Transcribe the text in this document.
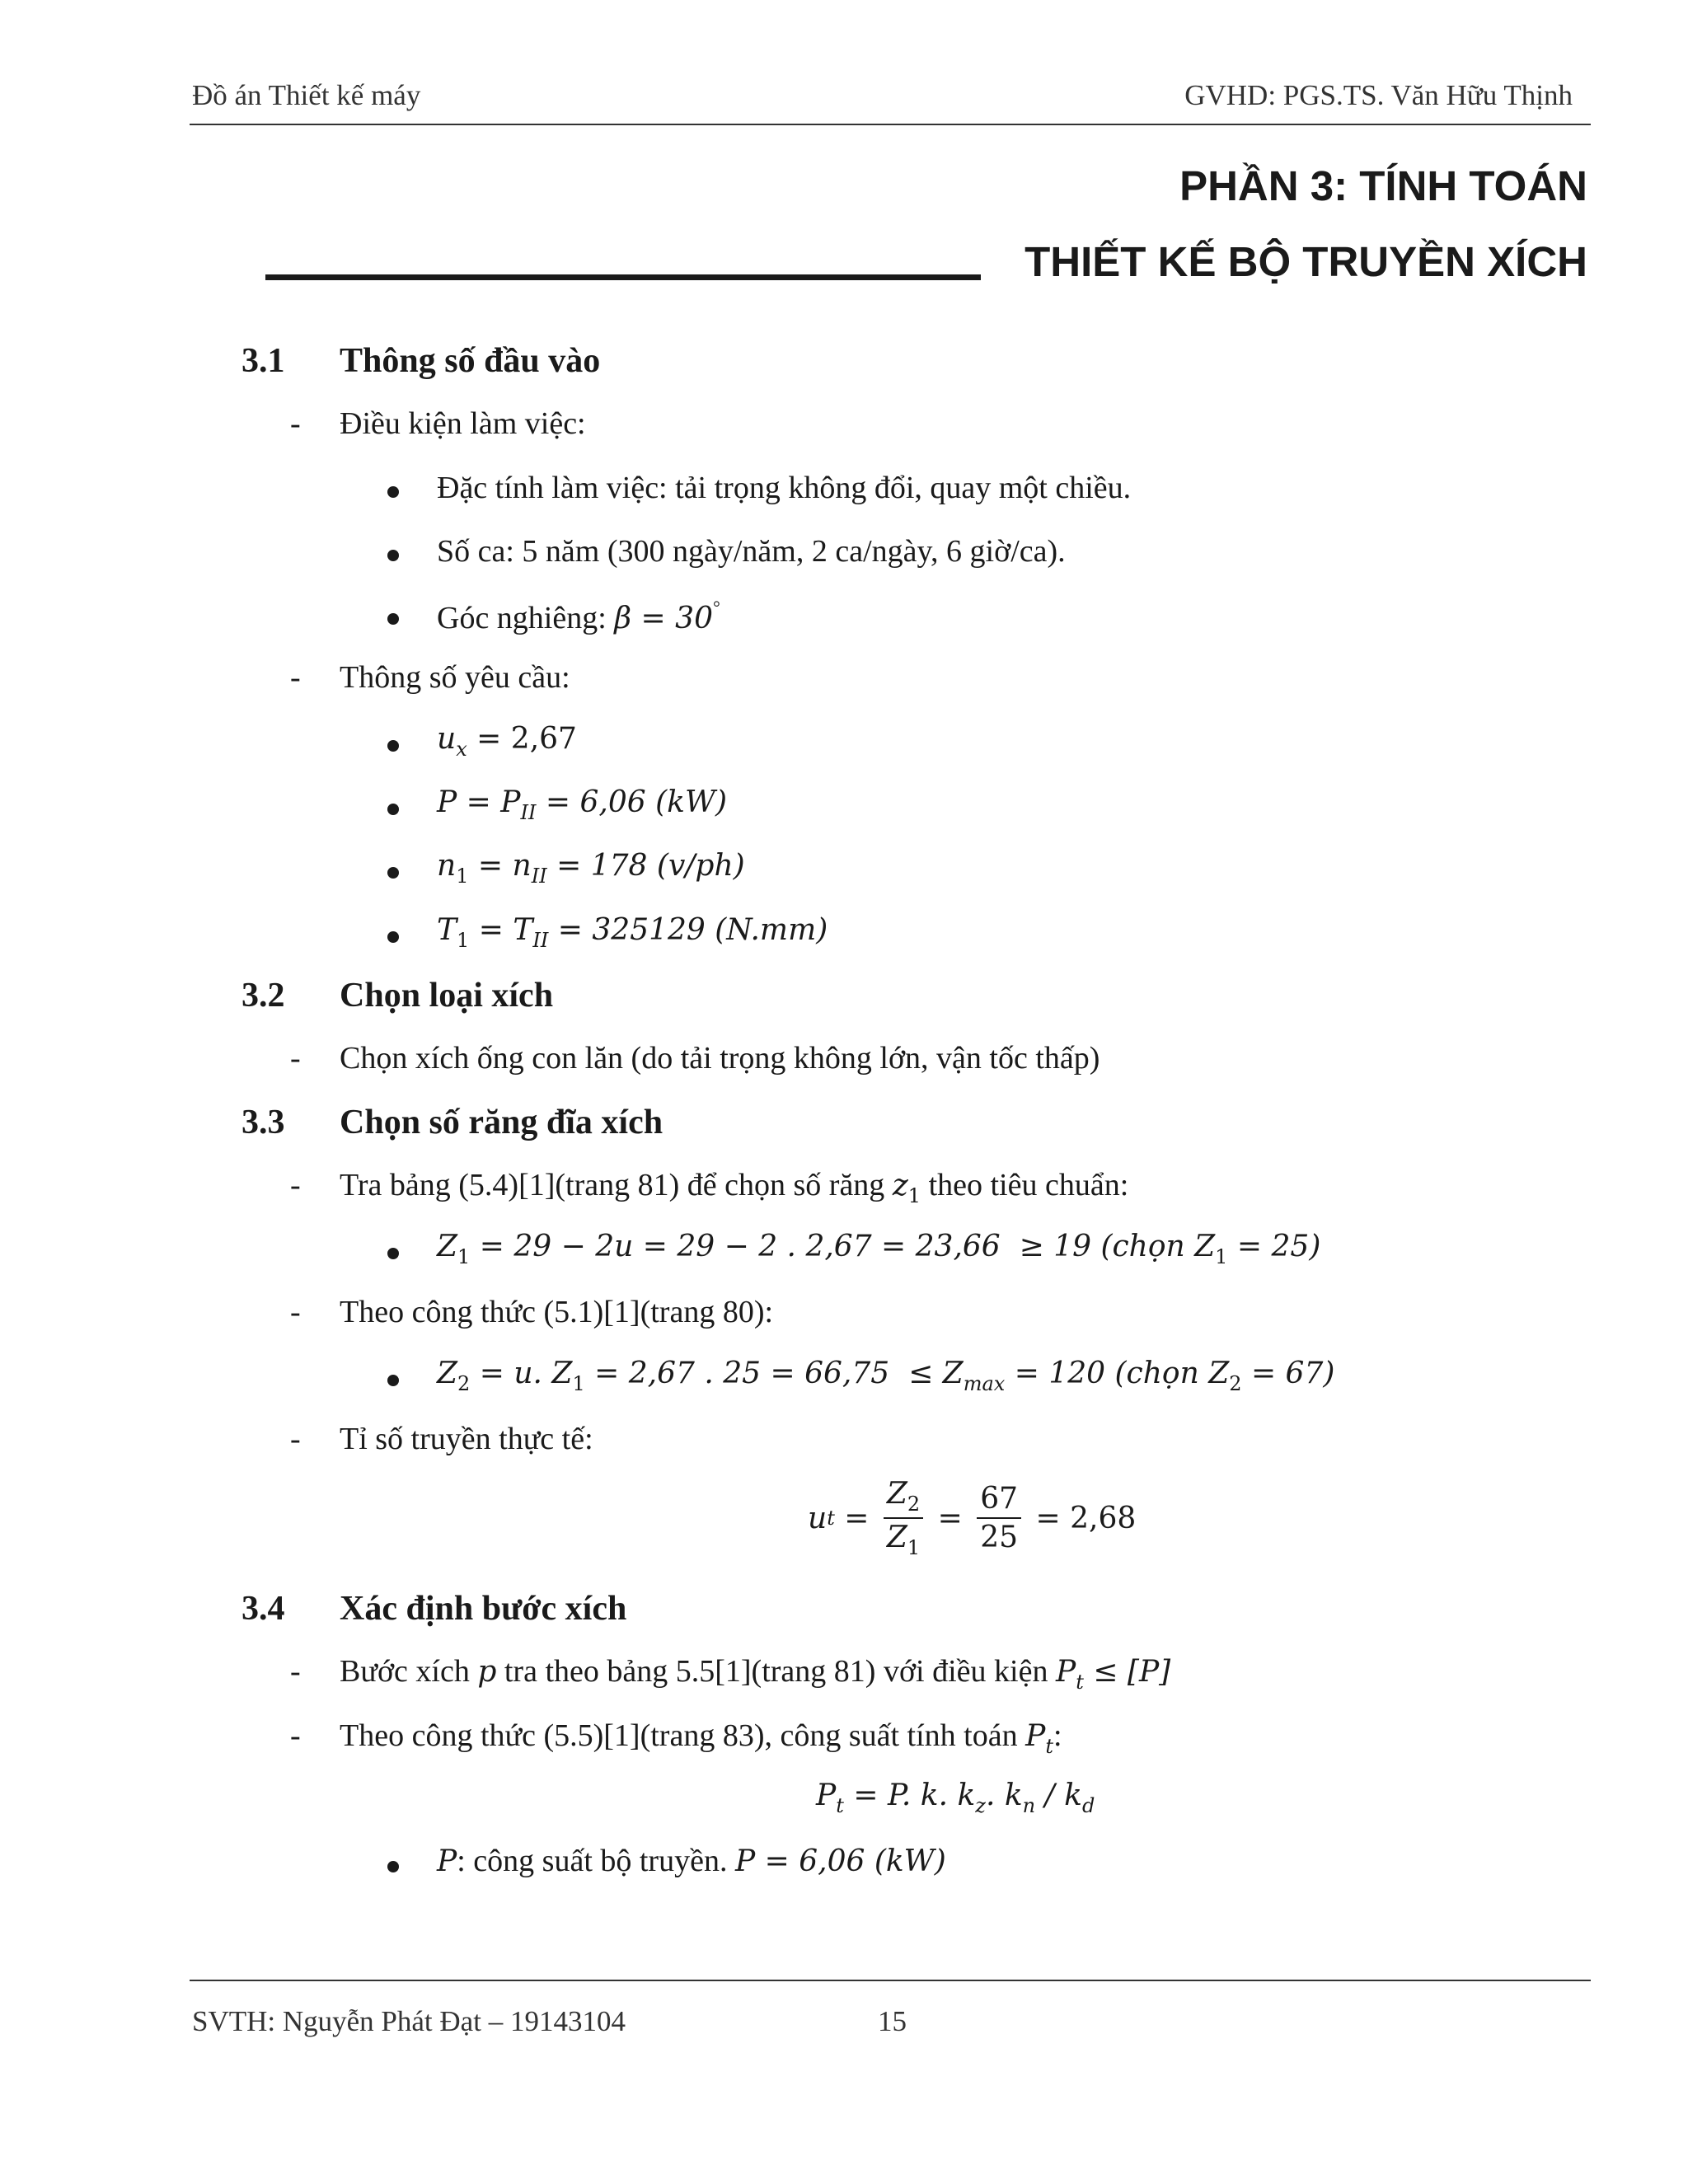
Đồ án Thiết kế máy	GVHD: PGS.TS. Văn Hữu Thịnh
PHẦN 3: TÍNH TOÁN
THIẾT KẾ BỘ TRUYỀN XÍCH
3.1 Thông số đầu vào
- Điều kiện làm việc:
Đặc tính làm việc: tải trọng không đổi, quay một chiều.
Số ca: 5 năm (300 ngày/năm, 2 ca/ngày, 6 giờ/ca).
Góc nghiêng: β = 30°
- Thông số yêu cầu:
$u_x = 2,67$
$P = P_{II} = 6,06$ (kW)
$n_1 = n_{II} = 178$ (v/ph)
$T_1 = T_{II} = 325129$ (N.mm)
3.2 Chọn loại xích
- Chọn xích ống con lăn (do tải trọng không lớn, vận tốc thấp)
3.3 Chọn số răng đĩa xích
- Tra bảng (5.4)[1](trang 81) để chọn số răng $z_1$ theo tiêu chuẩn:
$Z_1 = 29 - 2u = 29 - 2$ . 2,67 = 23,66  ≥ 19 (chọn $Z_1 = 25$)
- Theo công thức (5.1)[1](trang 80):
$Z_2 = u$. $Z_1 = 2,67$ . $25 = 66,75 \le Z_{max} = 120$ (chọn $Z_2 = 67$)
- Tỉ số truyền thực tế:
u $t = \frac{Z_2}{Z_1} = \frac{67}{25} = 2,68$
3.4 Xác định bước xích
- Bước xích p tra theo bảng 5.5[1](trang 81) với điều kiện $P_t \le [P]$
- Theo công thức (5.5)[1](trang 83), công suất tính toán $P_t$:
$P_t = P$. k. $k_z$. $k_n / k_d$
P: công suất bộ truyền. P = 6,06 (kW)
SVTH: Nguyễn Phát Đạt – 19143104	15
